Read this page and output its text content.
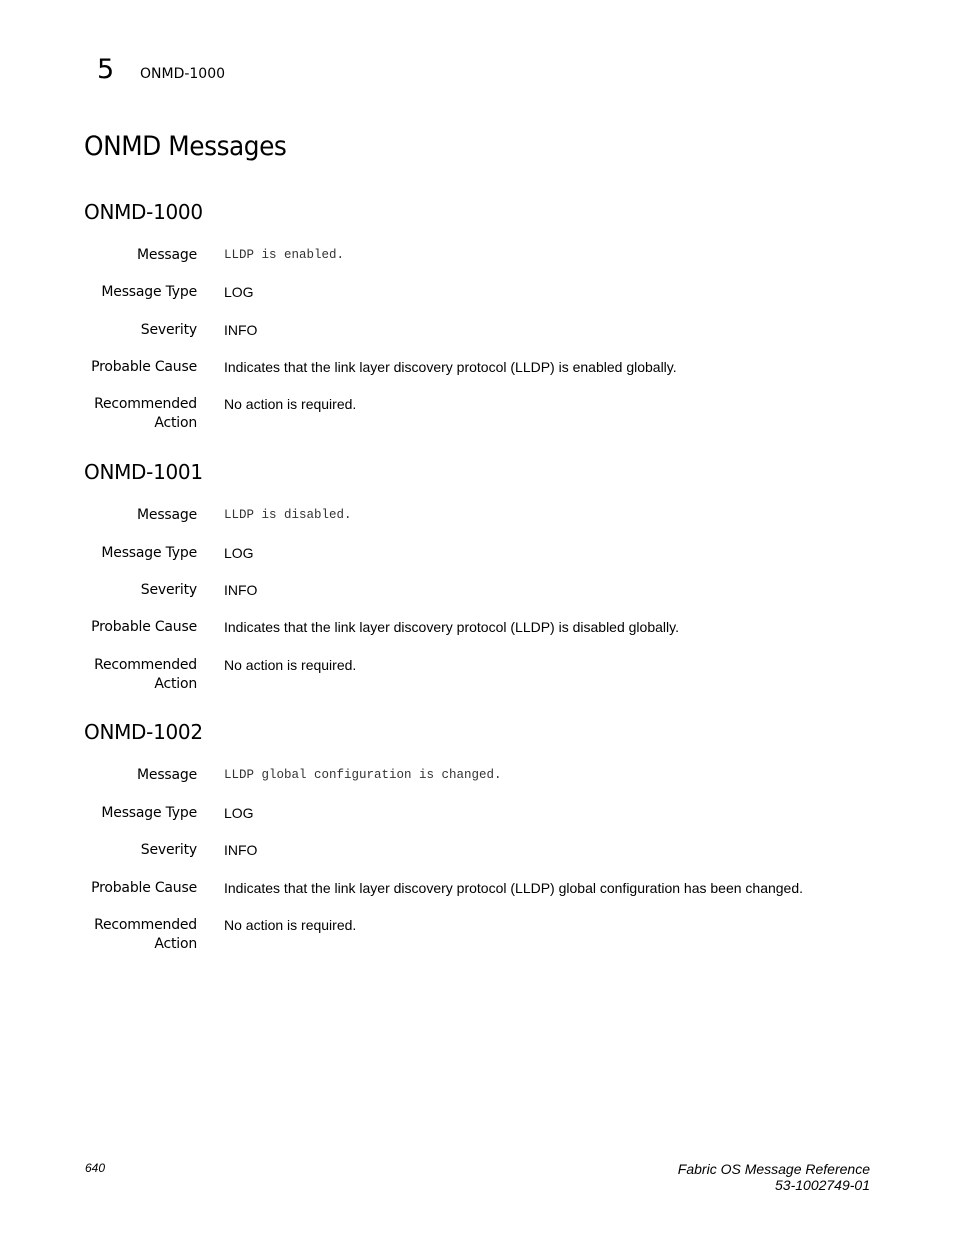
5	ONMD-1000
ONMD Messages
ONMD-1000
Message LLDP is enabled.
Message Type LOG
Severity INFO
Probable Cause Indicates that the link layer discovery protocol (LLDP) is enabled globally.
Recommended
Action
No action is required.
ONMD-1001
Message LLDP is disabled.
Message Type LOG
Severity INFO
Probable Cause Indicates that the link layer discovery protocol (LLDP) is disabled globally.
Recommended
Action
No action is required.
ONMD-1002
Message LLDP global configuration is changed.
Message Type LOG
Severity INFO
Probable Cause Indicates that the link layer discovery protocol (LLDP) global configuration has been changed.
Recommended
Action
No action is required.
640	Fabric OS Message Reference
53-1002749-01
